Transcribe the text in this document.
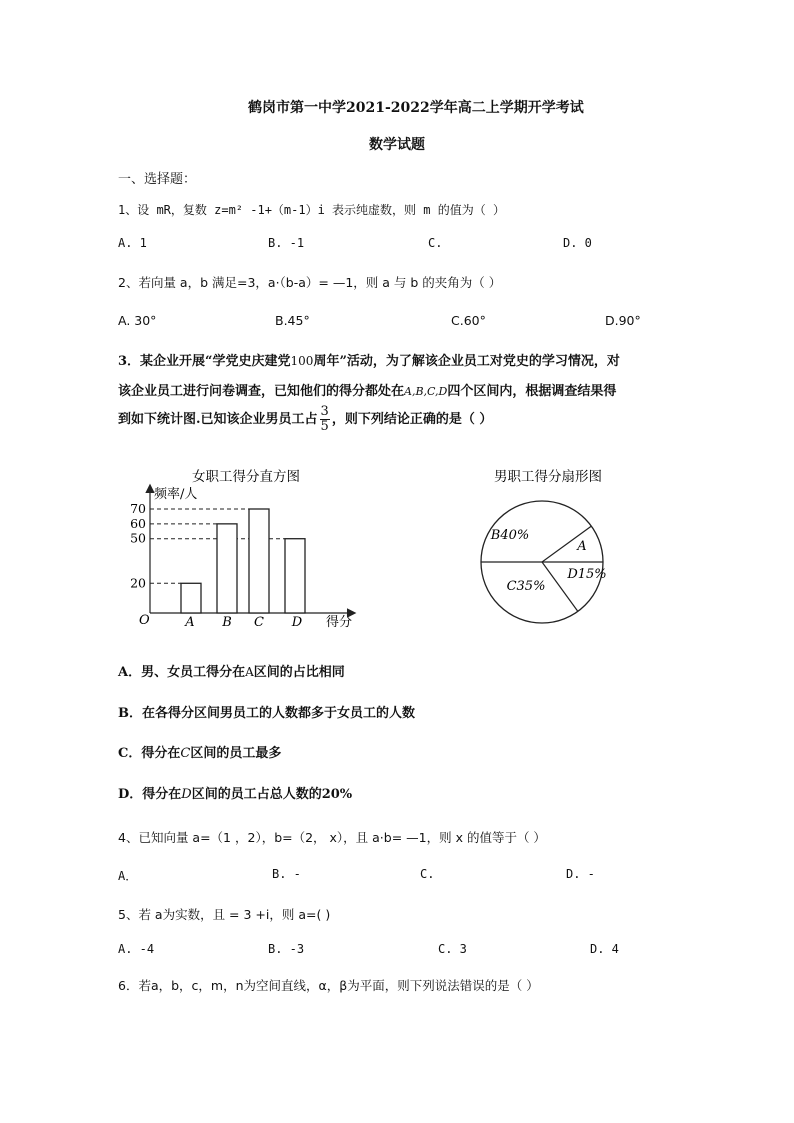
鹤岗市第一中学2021-2022学年高二上学期开学考试
数学试题
一、选择题：
1、设 mR，复数 z=m² -1+（m-1）i 表示纯虚数，则 m 的值为（ ）
A. 1	B. -1	C.	D. 0
2、若向量 a，b 满足=3，a·（b-a）= —1，则 a 与 b 的夹角为（ ）
A. 30°	B.45°	C.60°	D.90°
3．某企业开展“学党史庆建党100周年”活动，为了解该企业员工对党史的学习情况，对
该企业员工进行问卷调查，已知他们的得分都处在A,B,C,D四个区间内，根据调查结果得
到如下统计图.已知该企业男员工占 $\frac{3}{5}$ ，则下列结论正确的是（ ）
女职工得分直方图
频率/人
得分
O
20
50
60
70
A B C D
男职工得分扇形图
B40%
A
D15%
C35%
A．男、女员工得分在A区间的占比相同
B．在各得分区间男员工的人数都多于女员工的人数
C．得分在C区间的员工最多
D．得分在D区间的员工占总人数的20%
4、已知向量 a=（1 ，2），b=（2， x），且 a·b= —1，则 x 的值等于（ ）
A．	B. -	C.	D. -
5、若 a为实数，且 = 3 +i，则 a=( )
A. -4	B. -3	C. 3	D. 4
6．若a，b，c，m，n为空间直线，α，β为平面，则下列说法错误的是（ ）
